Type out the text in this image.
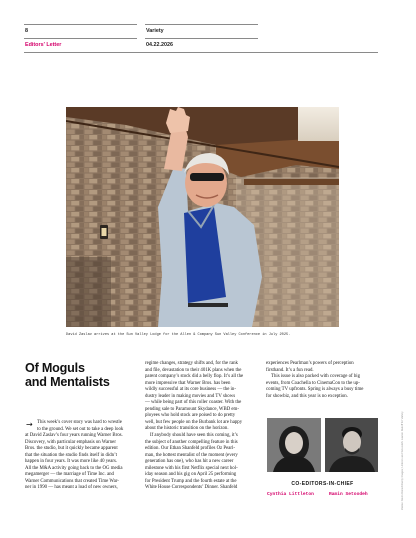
8	Variety
Editors' Letter	04.22.2026
David Zaslav arrives at the Sun Valley Lodge for the Allen & Company Sun Valley Conference in July 2025.
Of Moguls
and Mentalists
→ This week’s cover story was hard to wrestle
to the ground. We set out to take a deep look
at David Zaslav’s four years running Warner Bros.
Discovery, with particular emphasis on Warner
Bros. the studio, but it quickly became apparent
that the situation the studio finds itself in didn’t
happen in four years. It was more like 40 years.
All the M&A activity going back to the OG media
megamerger — the marriage of Time Inc. and
Warner Communications that created Time War-
ner in 1990 — has meant a load of new owners,
regime changes, strategy shifts and, for the rank
and file, devastation to their 401K plans when the
parent company’s stock did a belly flop. It’s all the
more impressive that Warner Bros. has been
wildly successful at its core business — the in-
dustry leader in making movies and TV shows
— while being part of this roller coaster. With the
pending sale to Paramount Skydance, WBD em-
ployees who hold stock are poised to do pretty
well, but few people on the Burbank lot are happy
about the historic transition on the horizon.
If anybody should have seen this coming, it’s
the subject of another compelling feature in this
edition. Our Ethan Shanfeld profiles Oz Pearl-
man, the hottest mentalist of the moment (every
generation has one), who has hit a new career
milestone with his first Netflix special next hol-
iday season and his gig on April 25 performing
for President Trump and the fourth estate at the
White House Correspondents’ Dinner. Shanfeld
experiences Pearlman’s powers of perception
firsthand. It’s a fun read.
This issue is also packed with coverage of big
events, from Coachella to CinemaCon to the up-
coming TV upfronts. Spring is always a busy time
for showbiz, and this year is no exception.
CO-EDITORS-IN-CHIEF
Cynthia Littleton	Ramin Setoodeh	Zaslav: Kevin Dietsch/Getty Images; Littleton and Setoodeh: Lauren Dukoff for Variety
